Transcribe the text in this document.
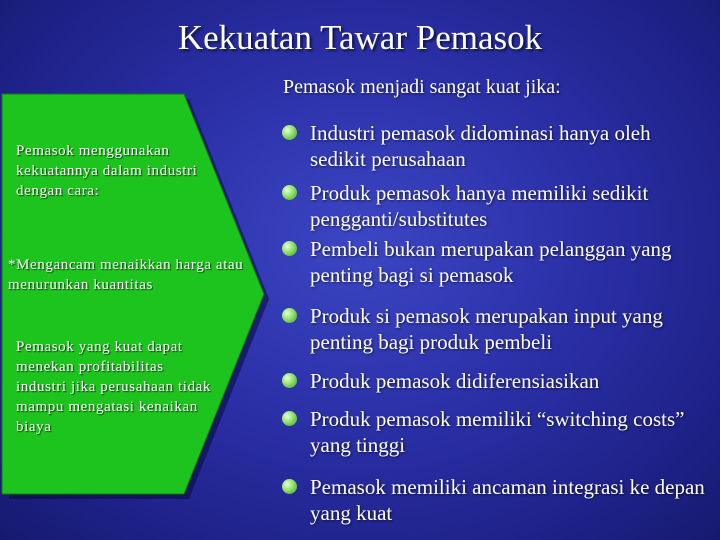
Kekuatan Tawar Pemasok
Pemasok menjadi sangat kuat jika:
Pemasok menggunakan kekuatannya dalam industri dengan cara:
*Mengancam menaikkan harga atau menurunkan kuantitas
Pemasok yang kuat dapat menekan profitabilitas industri jika perusahaan tidak mampu mengatasi kenaikan biaya
Industri pemasok didominasi hanya oleh sedikit perusahaan
Produk pemasok hanya memiliki sedikit pengganti/substitutes
Pembeli bukan merupakan pelanggan yang penting bagi si pemasok
Produk si pemasok merupakan input yang penting bagi produk pembeli
Produk pemasok didiferensiasikan
Produk pemasok memiliki “switching costs” yang tinggi
Pemasok memiliki ancaman integrasi ke depan yang kuat
